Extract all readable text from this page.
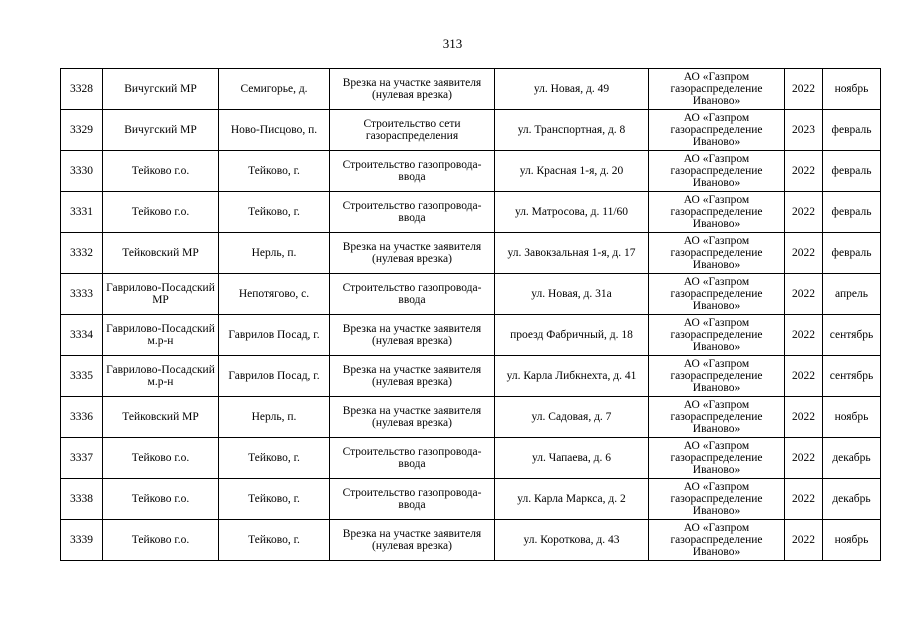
313
3328	Вичугский МР	Семигорье, д.	Врезка на участке заявителя (нулевая врезка)	ул. Новая, д. 49	АО «Газпром газораспределение Иваново»	2022	ноябрь
3329	Вичугский МР	Ново-Писцово, п.	Строительство сети газораспределения	ул. Транспортная, д. 8	АО «Газпром газораспределение Иваново»	2023	февраль
3330	Тейково г.о.	Тейково, г.	Строительство газопровода-ввода	ул. Красная 1-я, д. 20	АО «Газпром газораспределение Иваново»	2022	февраль
3331	Тейково г.о.	Тейково, г.	Строительство газопровода-ввода	ул. Матросова, д. 11/60	АО «Газпром газораспределение Иваново»	2022	февраль
3332	Тейковский МР	Нерль, п.	Врезка на участке заявителя (нулевая врезка)	ул. Завокзальная 1-я, д. 17	АО «Газпром газораспределение Иваново»	2022	февраль
3333	Гаврилово-Посадский МР	Непотягово, с.	Строительство газопровода-ввода	ул. Новая, д. 31а	АО «Газпром газораспределение Иваново»	2022	апрель
3334	Гаврилово-Посадский м.р-н	Гаврилов Посад, г.	Врезка на участке заявителя (нулевая врезка)	проезд Фабричный, д. 18	АО «Газпром газораспределение Иваново»	2022	сентябрь
3335	Гаврилово-Посадский м.р-н	Гаврилов Посад, г.	Врезка на участке заявителя (нулевая врезка)	ул. Карла Либкнехта, д. 41	АО «Газпром газораспределение Иваново»	2022	сентябрь
3336	Тейковский МР	Нерль, п.	Врезка на участке заявителя (нулевая врезка)	ул. Садовая, д. 7	АО «Газпром газораспределение Иваново»	2022	ноябрь
3337	Тейково г.о.	Тейково, г.	Строительство газопровода-ввода	ул. Чапаева, д. 6	АО «Газпром газораспределение Иваново»	2022	декабрь
3338	Тейково г.о.	Тейково, г.	Строительство газопровода-ввода	ул. Карла Маркса, д. 2	АО «Газпром газораспределение Иваново»	2022	декабрь
3339	Тейково г.о.	Тейково, г.	Врезка на участке заявителя (нулевая врезка)	ул. Короткова, д. 43	АО «Газпром газораспределение Иваново»	2022	ноябрь
